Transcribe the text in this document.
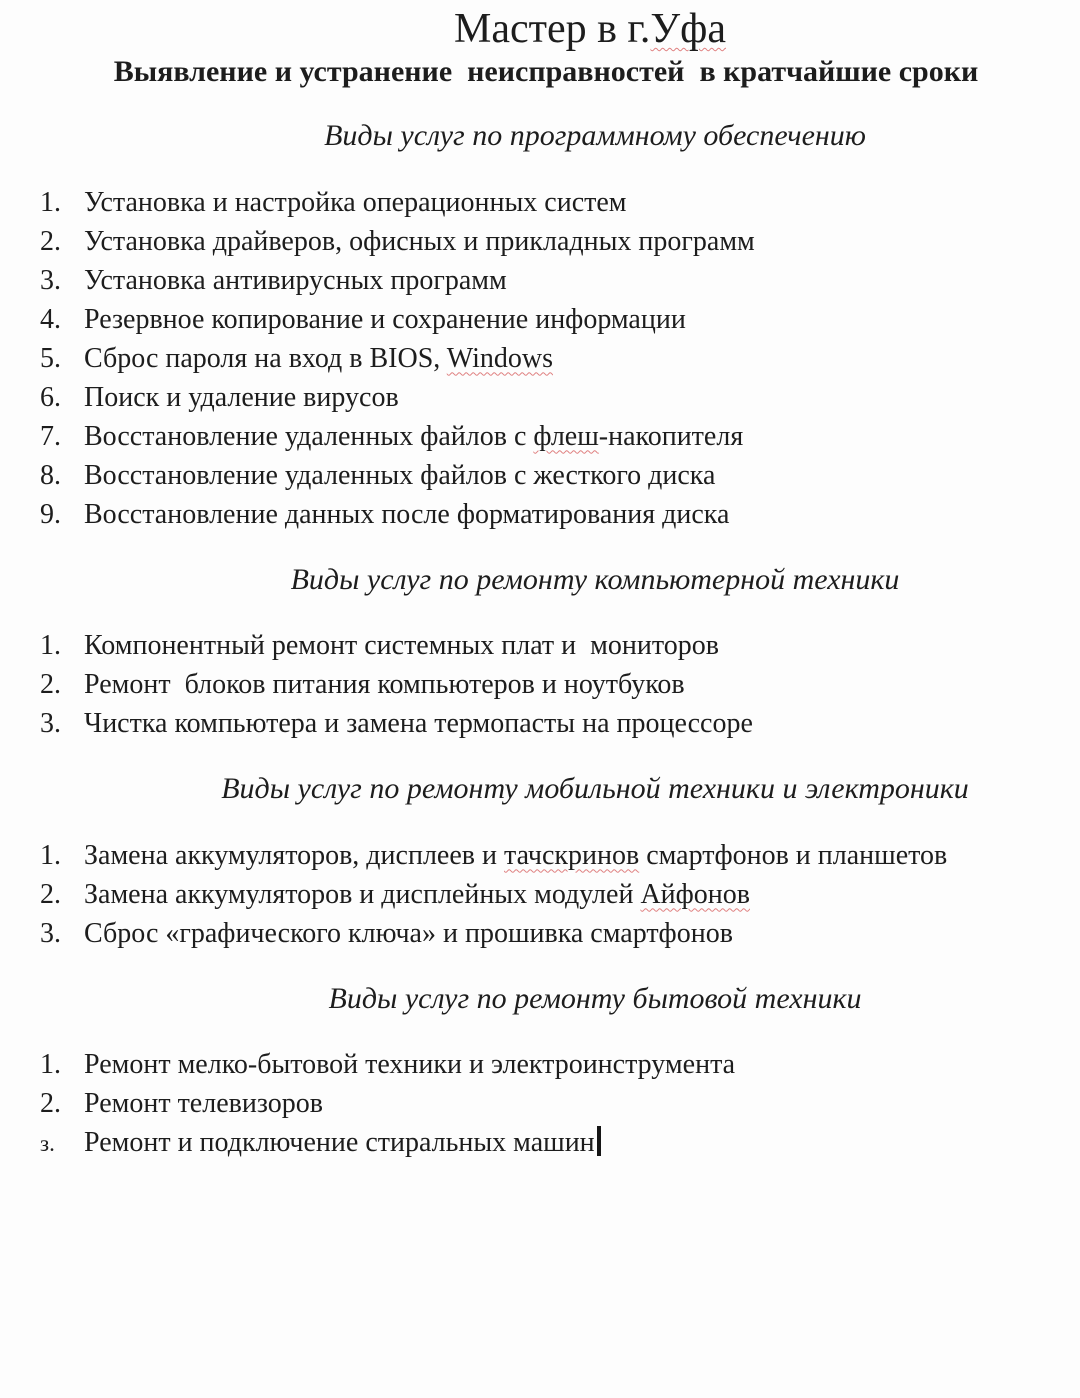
Мастер в г.Уфа
Выявление и устранение  неисправностей  в кратчайшие сроки
Виды услуг по программному обеспечению
1. Установка и настройка операционных систем
2. Установка драйверов, офисных и прикладных программ
3. Установка антивирусных программ
4. Резервное копирование и сохранение информации
5. Сброс пароля на вход в BIOS, Windows
6. Поиск и удаление вирусов
7. Восстановление удаленных файлов с флеш-накопителя
8. Восстановление удаленных файлов с жесткого диска
9. Восстановление данных после форматирования диска
Виды услуг по ремонту компьютерной техники
1. Компонентный ремонт системных плат и  мониторов
2. Ремонт  блоков питания компьютеров и ноутбуков
3. Чистка компьютера и замена термопасты на процессоре
Виды услуг по ремонту мобильной техники и электроники
1. Замена аккумуляторов, дисплеев и тачскринов смартфонов и планшетов
2. Замена аккумуляторов и дисплейных модулей Айфонов
3. Сброс «графического ключа» и прошивка смартфонов
Виды услуг по ремонту бытовой техники
1. Ремонт мелко-бытовой техники и электроинструмента
2. Ремонт телевизоров
з.	Ремонт и подключение стиральных машин
